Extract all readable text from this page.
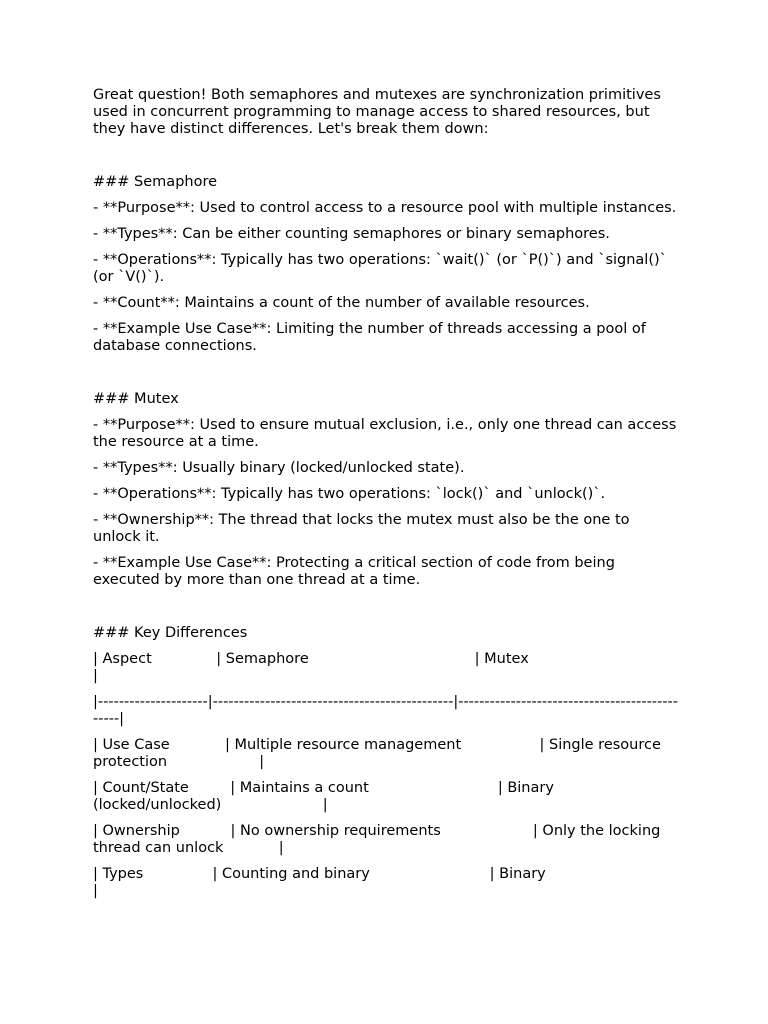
Great question! Both semaphores and mutexes are synchronization primitives used in concurrent programming to manage access to shared resources, but they have distinct differences. Let's break them down:

### Semaphore

- **Purpose**: Used to control access to a resource pool with multiple instances.

- **Types**: Can be either counting semaphores or binary semaphores.

- **Operations**: Typically has two operations: `wait()` (or `P()`) and `signal()` (or `V()`).

- **Count**: Maintains a count of the number of available resources.

- **Example Use Case**: Limiting the number of threads accessing a pool of database connections.

### Mutex

- **Purpose**: Used to ensure mutual exclusion, i.e., only one thread can access the resource at a time.

- **Types**: Usually binary (locked/unlocked state).

- **Operations**: Typically has two operations: `lock()` and `unlock()`.

- **Ownership**: The thread that locks the mutex must also be the one to unlock it.

- **Example Use Case**: Protecting a critical section of code from being executed by more than one thread at a time.

### Key Differences

| Aspect              | Semaphore                                    | Mutex                                         |

|---------------------|----------------------------------------------|-----------------------------------------------|

| Use Case            | Multiple resource management                 | Single resource protection                    |

| Count/State         | Maintains a count                            | Binary (locked/unlocked)                      |

| Ownership           | No ownership requirements                    | Only the locking thread can unlock            |

| Types               | Counting and binary                          | Binary                                        |
